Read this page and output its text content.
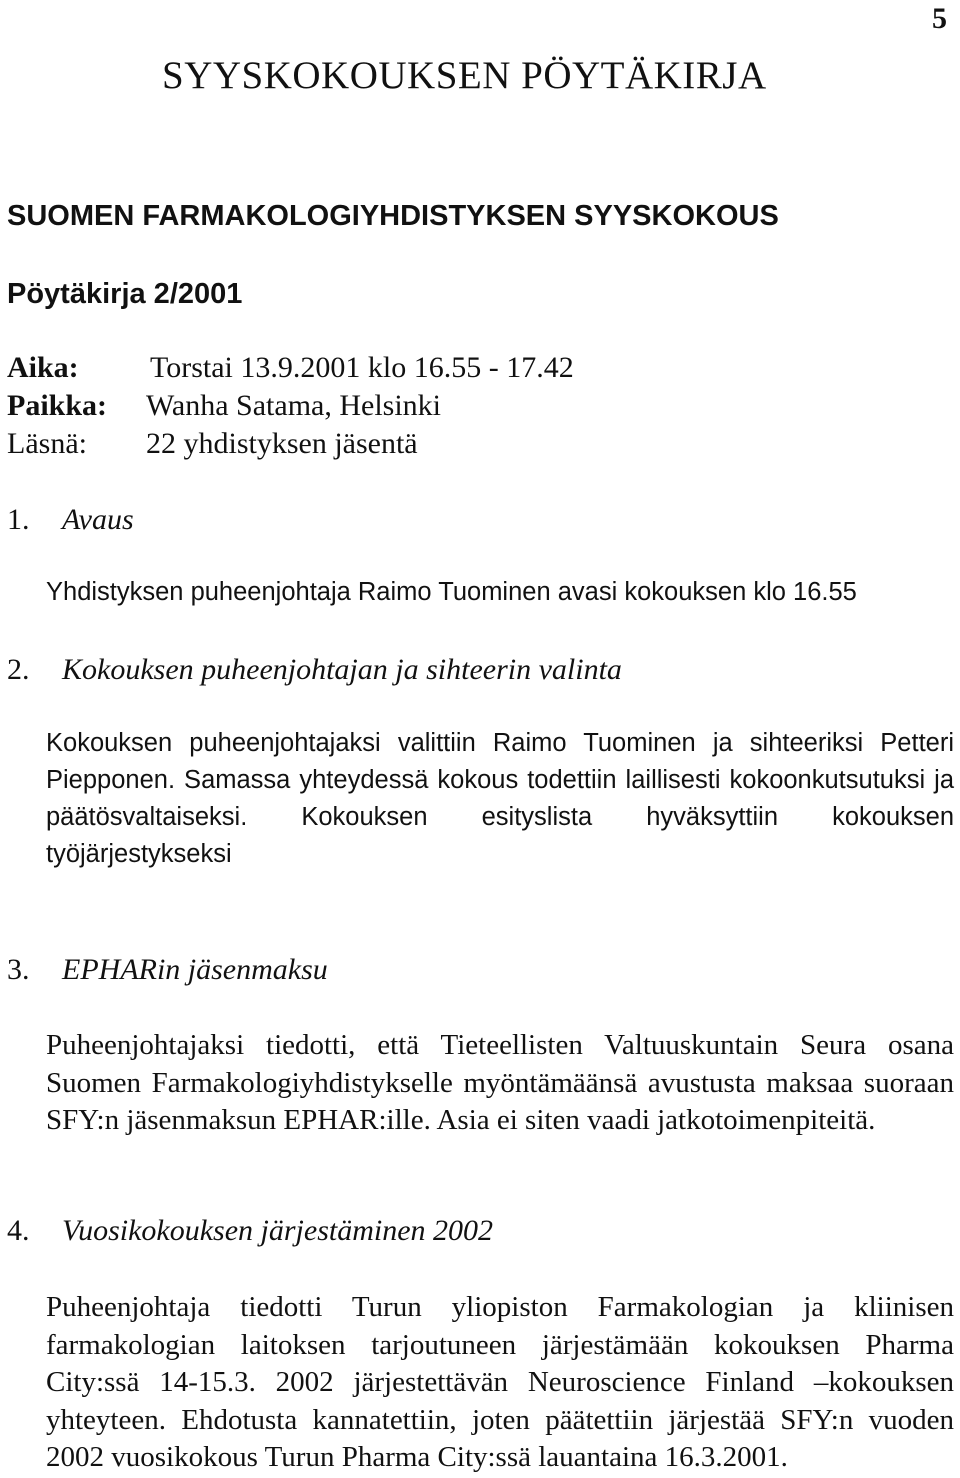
5
SYYSKOKOUKSEN PÖYTÄKIRJA
SUOMEN FARMAKOLOGIYHDISTYKSEN SYYSKOKOUS
Pöytäkirja 2/2001
Aika: Torstai 13.9.2001 klo 16.55 - 17.42
Paikka: Wanha Satama, Helsinki
Läsnä: 22 yhdistyksen jäsentä
1. Avaus
Yhdistyksen puheenjohtaja Raimo Tuominen avasi kokouksen klo 16.55
2. Kokouksen puheenjohtajan ja sihteerin valinta
Kokouksen puheenjohtajaksi valittiin Raimo Tuominen ja sihteeriksi Petteri Piepponen. Samassa yhteydessä kokous todettiin laillisesti kokoonkutsutuksi ja päätösvaltaiseksi. Kokouksen esityslista hyväksyttiin kokouksen työjärjestykseksi
3. EPHARin jäsenmaksu
Puheenjohtajaksi tiedotti, että Tieteellisten Valtuuskuntain Seura osana Suomen Farmakologiyhdistykselle myöntämäänsä avustusta maksaa suoraan SFY:n jäsenmaksun EPHAR:ille. Asia ei siten vaadi jatkotoimenpiteitä.
4. Vuosikokouksen järjestäminen 2002
Puheenjohtaja tiedotti Turun yliopiston Farmakologian ja kliinisen farmakologian laitoksen tarjoutuneen järjestämään kokouksen Pharma City:ssä 14-15.3. 2002 järjestettävän Neuroscience Finland –kokouksen yhteyteen. Ehdotusta kannatettiin, joten päätettiin järjestää SFY:n vuoden 2002 vuosikokous Turun Pharma City:ssä lauantaina 16.3.2001.
